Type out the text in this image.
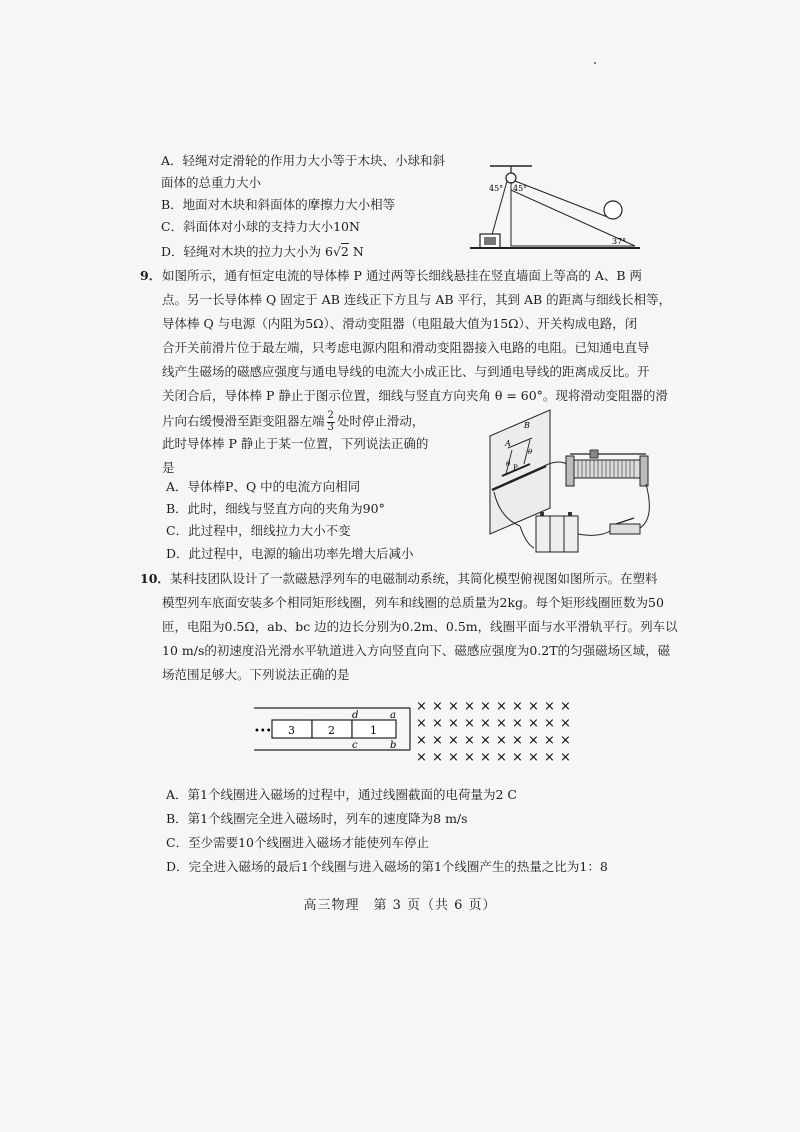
A．轻绳对定滑轮的作用力大小等于木块、小球和斜
面体的总重力大小
B．地面对木块和斜面体的摩擦力大小相等
C．斜面体对小球的支持力大小10N
D．轻绳对木块的拉力大小为 6√2 N
45° 45°
37°
9． 如图所示，通有恒定电流的导体棒 P 通过两等长细线悬挂在竖直墙面上等高的 A、B 两
点。另一长导体棒 Q 固定于 AB 连线正下方且与 AB 平行，其到 AB 的距离与细线长相等，
导体棒 Q 与电源（内阻为5Ω）、滑动变阻器（电阻最大值为15Ω）、开关构成电路，闭
合开关前滑片位于最左端，只考虑电源内阻和滑动变阻器接入电路的电阻。已知通电直导
线产生磁场的磁感应强度与通电导线的电流大小成正比、与到通电导线的距离成反比。开
关闭合后，导体棒 P 静止于图示位置，细线与竖直方向夹角 θ = 60°。现将滑动变阻器的滑
片向右缓慢滑至距变阻器左端 $\frac{2}{3}$ 处时停止滑动，
此时导体棒 P 静止于某一位置，下列说法正确的
是
A．导体棒P、Q 中的电流方向相同
B．此时，细线与竖直方向的夹角为90°
C．此过程中，细线拉力大小不变
D．此过程中，电源的输出功率先增大后减小
A
B
P
θ
θ
10． 某科技团队设计了一款磁悬浮列车的电磁制动系统，其简化模型俯视图如图所示。在塑料
模型列车底面安装多个相同矩形线圈，列车和线圈的总质量为2kg。每个矩形线圈匝数为50
匝，电阻为0.5Ω，ab、bc 边的边长分别为0.2m、0.5m，线圈平面与水平滑轨平行。列车以
10 m/s的初速度沿光滑水平轨道进入方向竖直向下、磁感应强度为0.2T的匀强磁场区域，磁
场范围足够大。下列说法正确的是
••• 3	2	1
d	a
c	b
× × × × × × × × × ×
× × × × × × × × × ×
× × × × × × × × × ×
× × × × × × × × × ×
A．第1个线圈进入磁场的过程中，通过线圈截面的电荷量为2 C
B．第1个线圈完全进入磁场时，列车的速度降为8 m/s
C．至少需要10个线圈进入磁场才能使列车停止
D．完全进入磁场的最后1个线圈与进入磁场的第1个线圈产生的热量之比为1：8
高三物理　第 3 页（共 6 页）
